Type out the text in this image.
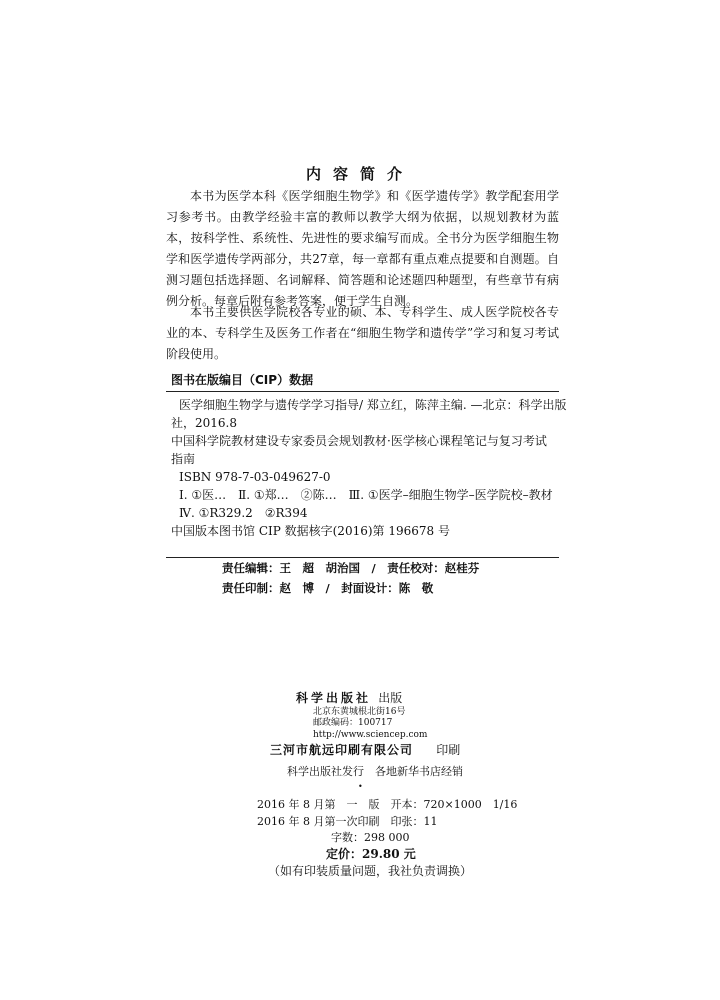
内容简介

本书为医学本科《医学细胞生物学》和《医学遗传学》教学配套用学习参考书。由教学经验丰富的教师以教学大纲为依据，以规划教材为蓝本，按科学性、系统性、先进性的要求编写而成。全书分为医学细胞生物学和医学遗传学两部分，共27章，每一章都有重点难点提要和自测题。自测习题包括选择题、名词解释、简答题和论述题四种题型，有些章节有病例分析。每章后附有参考答案，便于学生自测。

本书主要供医学院校各专业的硕、本、专科学生、成人医学院校各专业的本、专科学生及医务工作者在“细胞生物学和遗传学”学习和复习考试阶段使用。

图书在版编目（CIP）数据
医学细胞生物学与遗传学学习指导/ 郑立红，陈萍主编. —北京：科学出版
社，2016.8
中国科学院教材建设专家委员会规划教材·医学核心课程笔记与复习考试
指南
ISBN 978-7-03-049627-0
Ⅰ. ①医…　Ⅱ. ①郑…　②陈…　Ⅲ. ①医学–细胞生物学–医学院校–教材
Ⅳ. ①R329.2　②R394
中国版本图书馆 CIP 数据核字(2016)第 196678 号
责任编辑：王　超　胡治国　/　责任校对：赵桂芬
责任印制：赵　博　/　封面设计：陈　敬
科学出版社 出版
北京东黄城根北街16号
邮政编码：100717
http://www.sciencep.com
三河市航远印刷有限公司 印刷
科学出版社发行　各地新华书店经销
•
2016 年 8 月第　一　版　开本：720×1000　1/16
2016 年 8 月第一次印刷　印张：11
字数：298 000
定价：29.80 元
（如有印装质量问题，我社负责调换）
